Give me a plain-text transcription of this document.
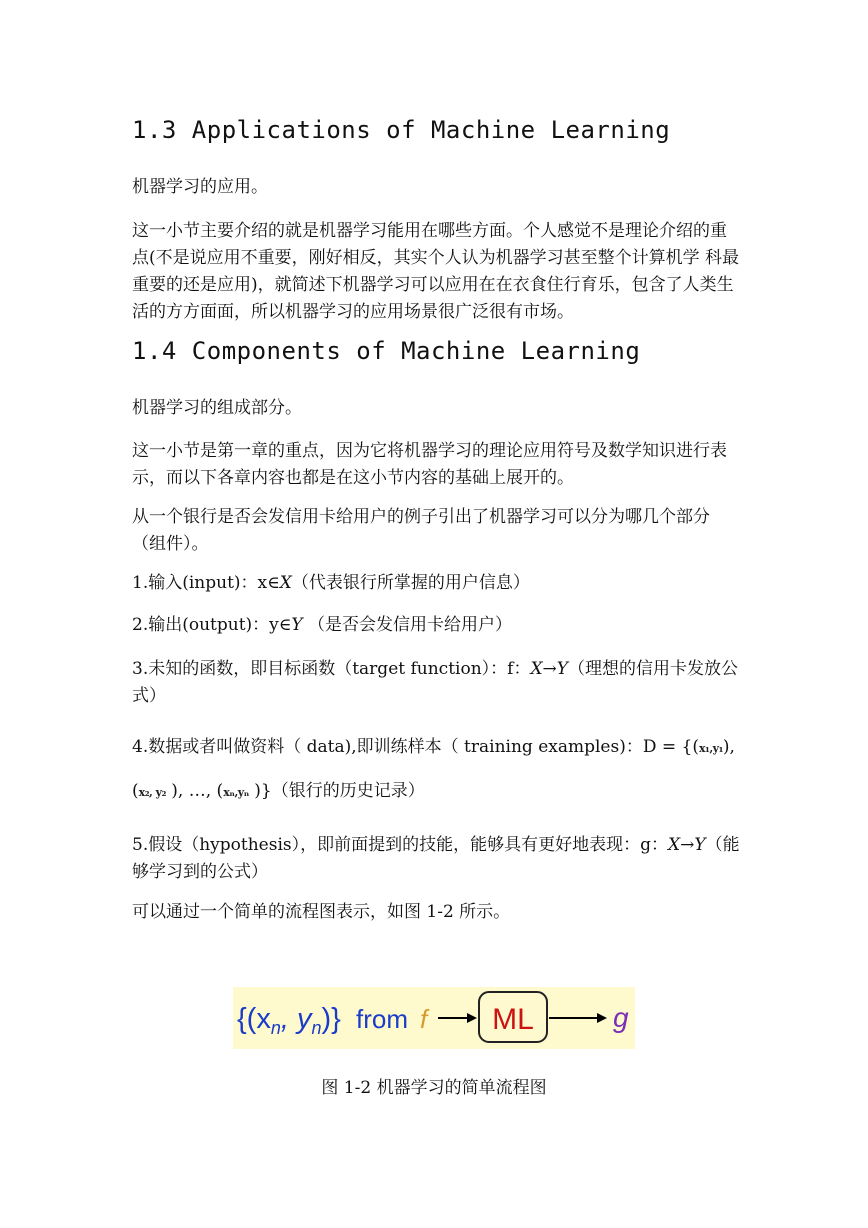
1.3 Applications of Machine Learning
机器学习的应用。
这一小节主要介绍的就是机器学习能用在哪些方面。个人感觉不是理论介绍的重点(不是说应用不重要，刚好相反，其实个人认为机器学习甚至整个计算机学 科最重要的还是应用)，就简述下机器学习可以应用在在衣食住行育乐，包含了人类生活的方方面面，所以机器学习的应用场景很广泛很有市场。
1.4 Components of Machine Learning
机器学习的组成部分。
这一小节是第一章的重点，因为它将机器学习的理论应用符号及数学知识进行表示，而以下各章内容也都是在这小节内容的基础上展开的。
从一个银行是否会发信用卡给用户的例子引出了机器学习可以分为哪几个部分（组件）。
1.输入(input)：x∈X（代表银行所掌握的用户信息）
2.输出(output)：y∈Y （是否会发信用卡给用户）
3.未知的函数，即目标函数（target function）：f：X→Y（理想的信用卡发放公式）
4.数据或者叫做资料（ data),即训练样本（ training examples)：D = {(x₁,y₁),
(x₂, y₂ ), …, (xₙ,yₙ )}（银行的历史记录）
5.假设（hypothesis），即前面提到的技能，能够具有更好地表现：g：X→Y（能够学习到的公式）
可以通过一个简单的流程图表示，如图 1-2 所示。
{($x_n$, $y_n$)} from f ML	g
图 1-2 机器学习的简单流程图
